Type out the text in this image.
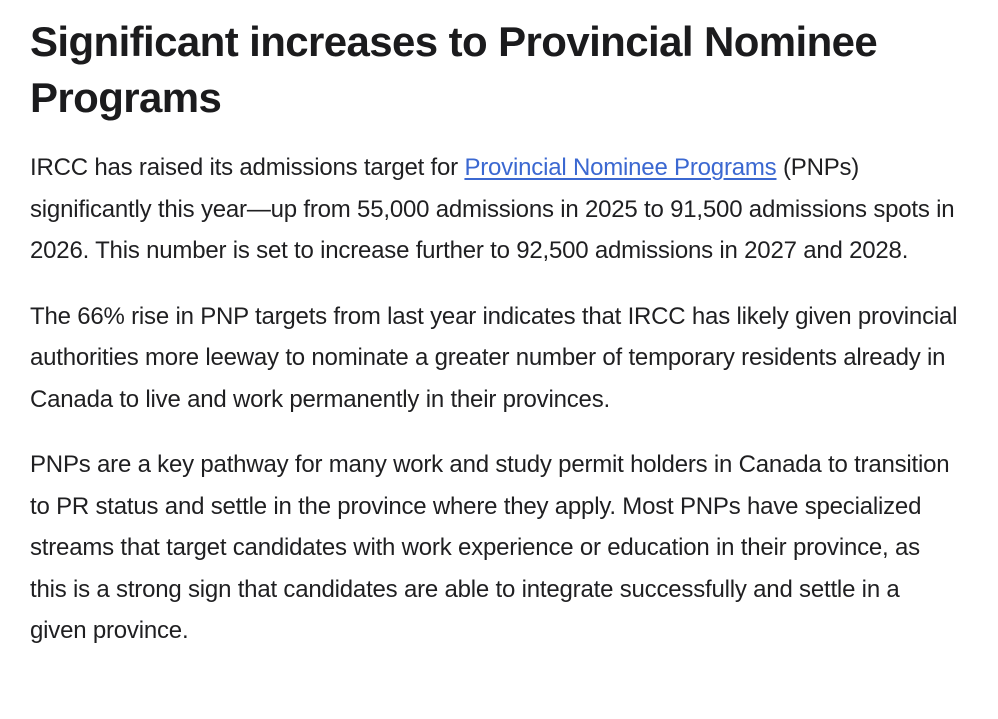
Significant increases to Provincial Nominee Programs

IRCC has raised its admissions target for Provincial Nominee Programs (PNPs) significantly this year—up from 55,000 admissions in 2025 to 91,500 admissions spots in 2026. This number is set to increase further to 92,500 admissions in 2027 and 2028.

The 66% rise in PNP targets from last year indicates that IRCC has likely given provincial authorities more leeway to nominate a greater number of temporary residents already in Canada to live and work permanently in their provinces.

PNPs are a key pathway for many work and study permit holders in Canada to transition to PR status and settle in the province where they apply. Most PNPs have specialized streams that target candidates with work experience or education in their province, as this is a strong sign that candidates are able to integrate successfully and settle in a given province.
